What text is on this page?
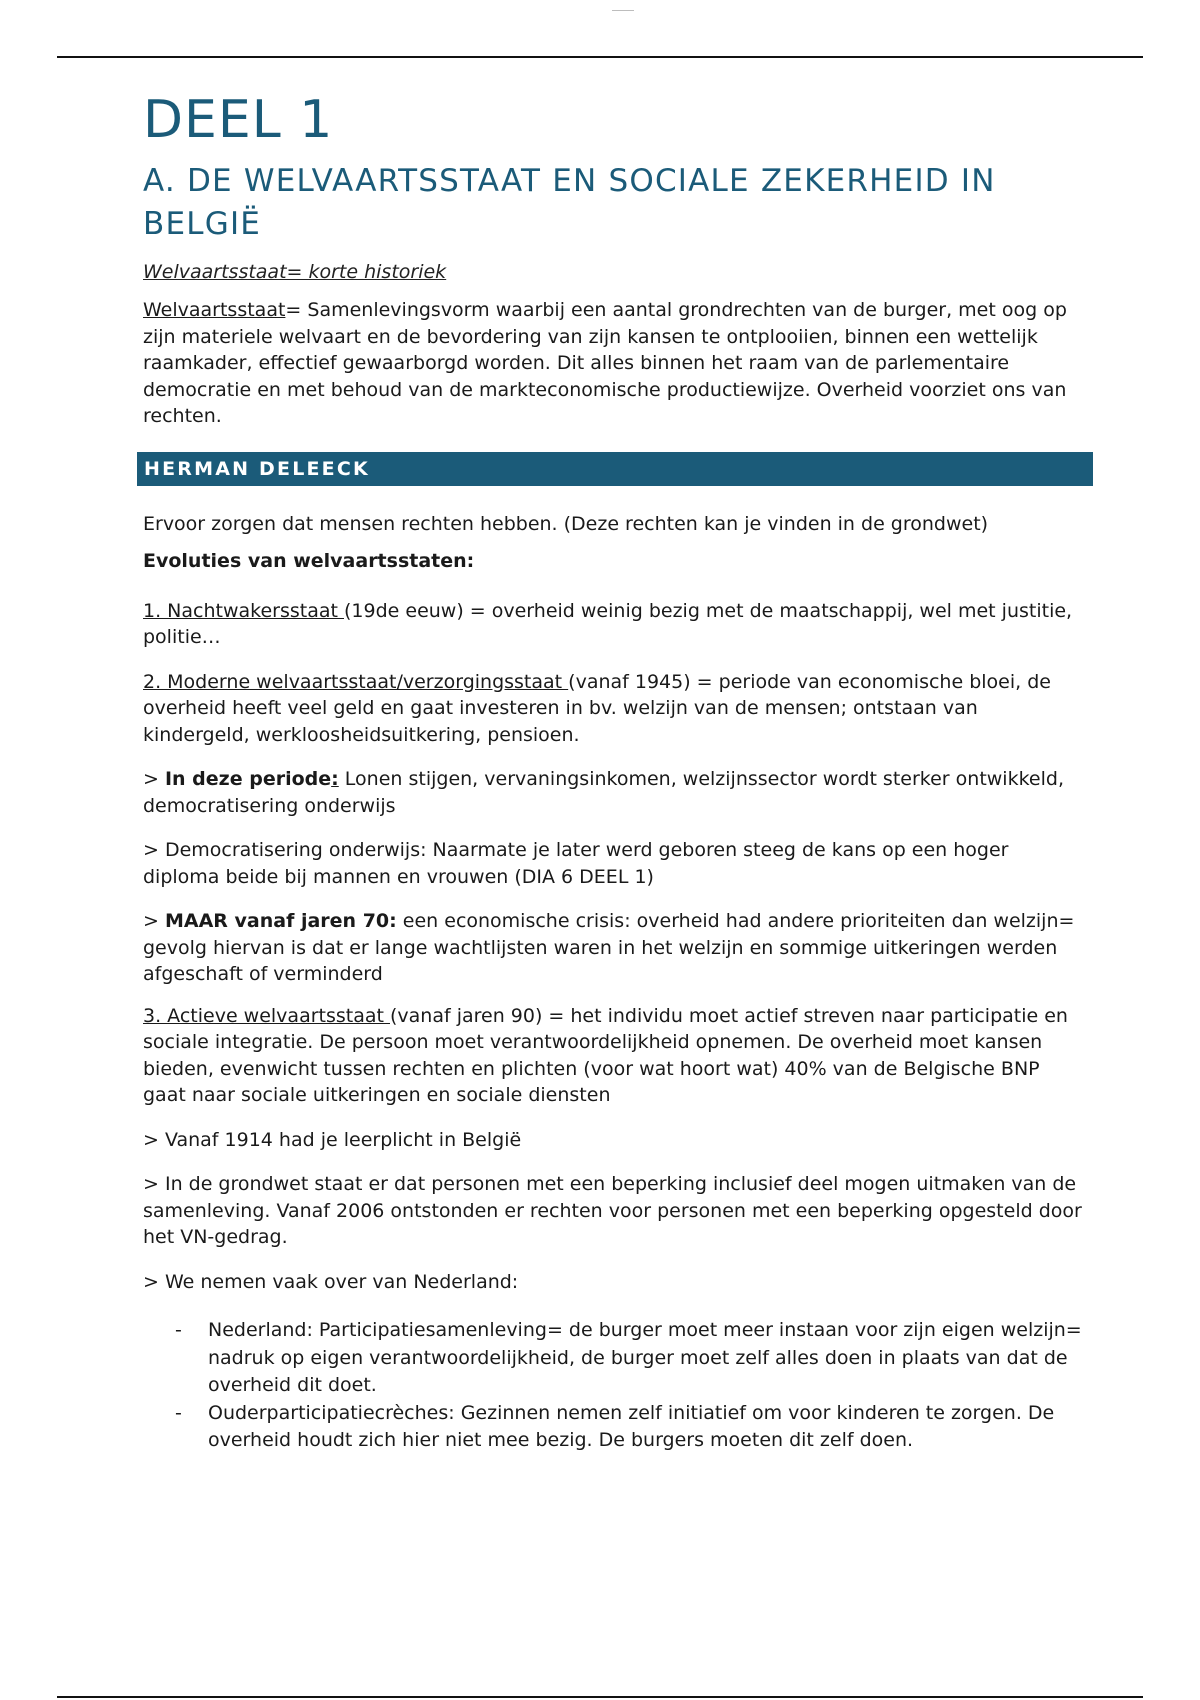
DEEL 1
A. DE WELVAARTSSTAAT EN SOCIALE ZEKERHEID IN BELGIË

Welvaartsstaat= korte historiek

Welvaartsstaat= Samenlevingsvorm waarbij een aantal grondrechten van de burger, met oog op zijn materiele welvaart en de bevordering van zijn kansen te ontplooiien, binnen een wettelijk raamkader, effectief gewaarborgd worden. Dit alles binnen het raam van de parlementaire democratie en met behoud van de markteconomische productiewijze. Overheid voorziet ons van rechten.

HERMAN DELEECK

Ervoor zorgen dat mensen rechten hebben. (Deze rechten kan je vinden in de grondwet) Evoluties van welvaartsstaten:

1. Nachtwakersstaat (19de eeuw) = overheid weinig bezig met de maatschappij, wel met justitie, politie…

2. Moderne welvaartsstaat/verzorgingsstaat (vanaf 1945) = periode van economische bloei, de overheid heeft veel geld en gaat investeren in bv. welzijn van de mensen; ontstaan van kindergeld, werkloosheidsuitkering, pensioen.

> In deze periode: Lonen stijgen, vervaningsinkomen, welzijnssector wordt sterker ontwikkeld, democratisering onderwijs

> Democratisering onderwijs: Naarmate je later werd geboren steeg de kans op een hoger diploma beide bij mannen en vrouwen (DIA 6 DEEL 1)

> MAAR vanaf jaren 70: een economische crisis: overheid had andere prioriteiten dan welzijn= gevolg hiervan is dat er lange wachtlijsten waren in het welzijn en sommige uitkeringen werden afgeschaft of verminderd

3. Actieve welvaartsstaat (vanaf jaren 90) = het individu moet actief streven naar participatie en sociale integratie. De persoon moet verantwoordelijkheid opnemen. De overheid moet kansen bieden, evenwicht tussen rechten en plichten (voor wat hoort wat) 40% van de Belgische BNP gaat naar sociale uitkeringen en sociale diensten

> Vanaf 1914 had je leerplicht in België

> In de grondwet staat er dat personen met een beperking inclusief deel mogen uitmaken van de samenleving. Vanaf 2006 ontstonden er rechten voor personen met een beperking opgesteld door het VN-gedrag.

> We nemen vaak over van Nederland:

- Nederland: Participatiesamenleving= de burger moet meer instaan voor zijn eigen welzijn= nadruk op eigen verantwoordelijkheid, de burger moet zelf alles doen in plaats van dat de overheid dit doet.
- Ouderparticipatiecrèches: Gezinnen nemen zelf initiatief om voor kinderen te zorgen. De overheid houdt zich hier niet mee bezig. De burgers moeten dit zelf doen.
